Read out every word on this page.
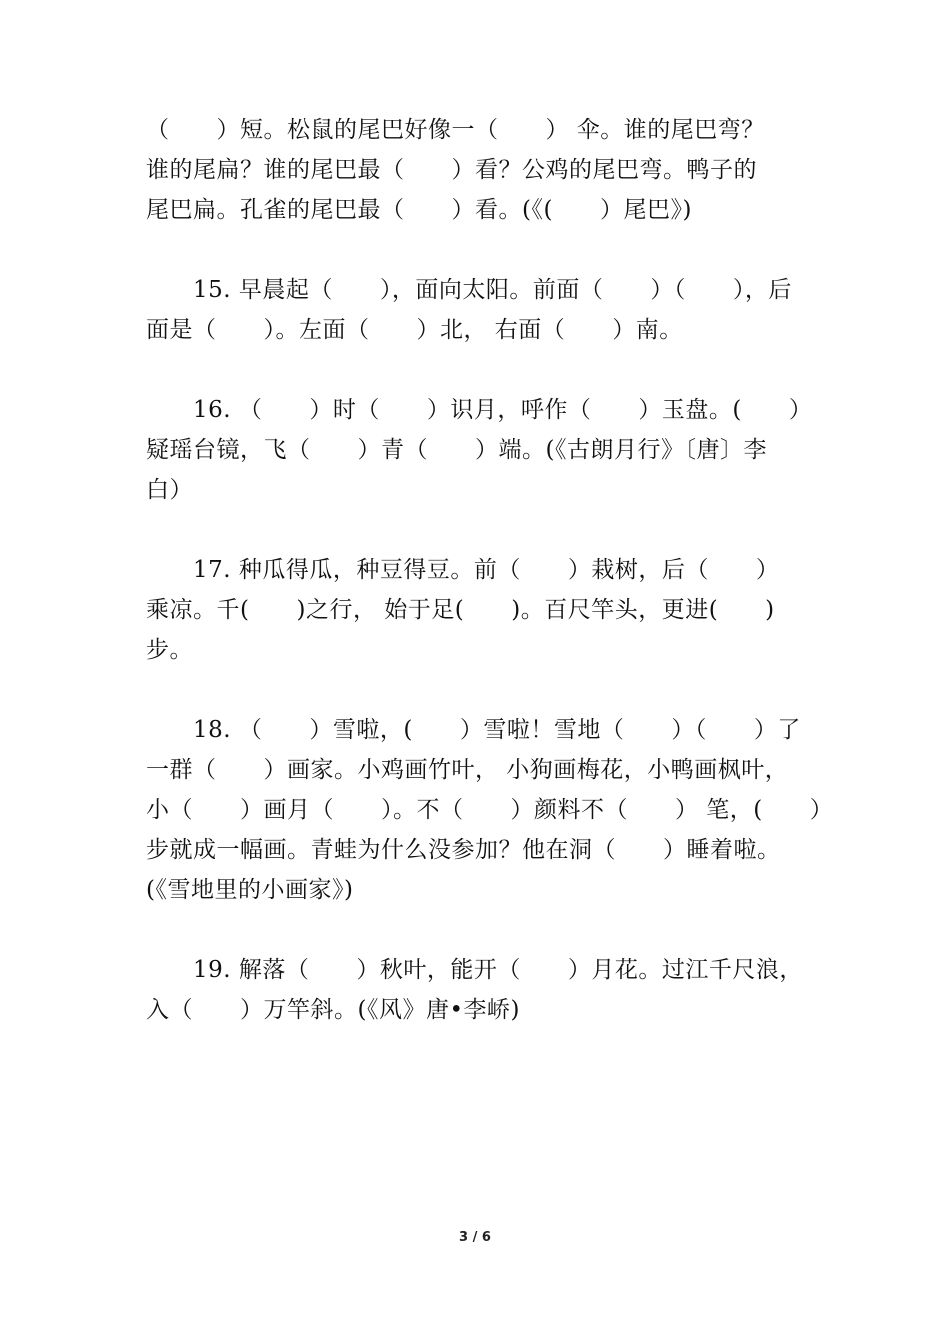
（　　）短。松鼠的尾巴好像一（　　） 伞。谁的尾巴弯？
谁的尾扁？谁的尾巴最（　　）看？公鸡的尾巴弯。鸭子的
尾巴扁。孔雀的尾巴最（　　）看。(《(　　）尾巴》)
　　15. 早晨起（　　），面向太阳。前面（　　）（　　），后
面是（　　）。左面（　　）北， 右面（　　）南。
　　16. （　　）时（　　）识月，呼作（　　）玉盘。(　　）
疑瑶台镜，飞（　　）青（　　）端。(《古朗月行》〔唐〕李
白）
　　17. 种瓜得瓜，种豆得豆。前（　　）栽树，后（　　）
乘凉。千(　　)之行， 始于足(　　)。百尺竿头，更进(　　)
步。
　　18. （　　）雪啦，(　　）雪啦！雪地（　　）（　　）了
一群（　　）画家。小鸡画竹叶， 小狗画梅花，小鸭画枫叶，
小（　　）画月（　　）。不（　　）颜料不（　　） 笔，(　　）
步就成一幅画。青蛙为什么没参加？他在洞（　　）睡着啦。
(《雪地里的小画家》)
　　19. 解落（　　）秋叶，能开（　　）月花。过江千尺浪，
入（　　）万竿斜。(《风》唐•李峤)
3 / 6
